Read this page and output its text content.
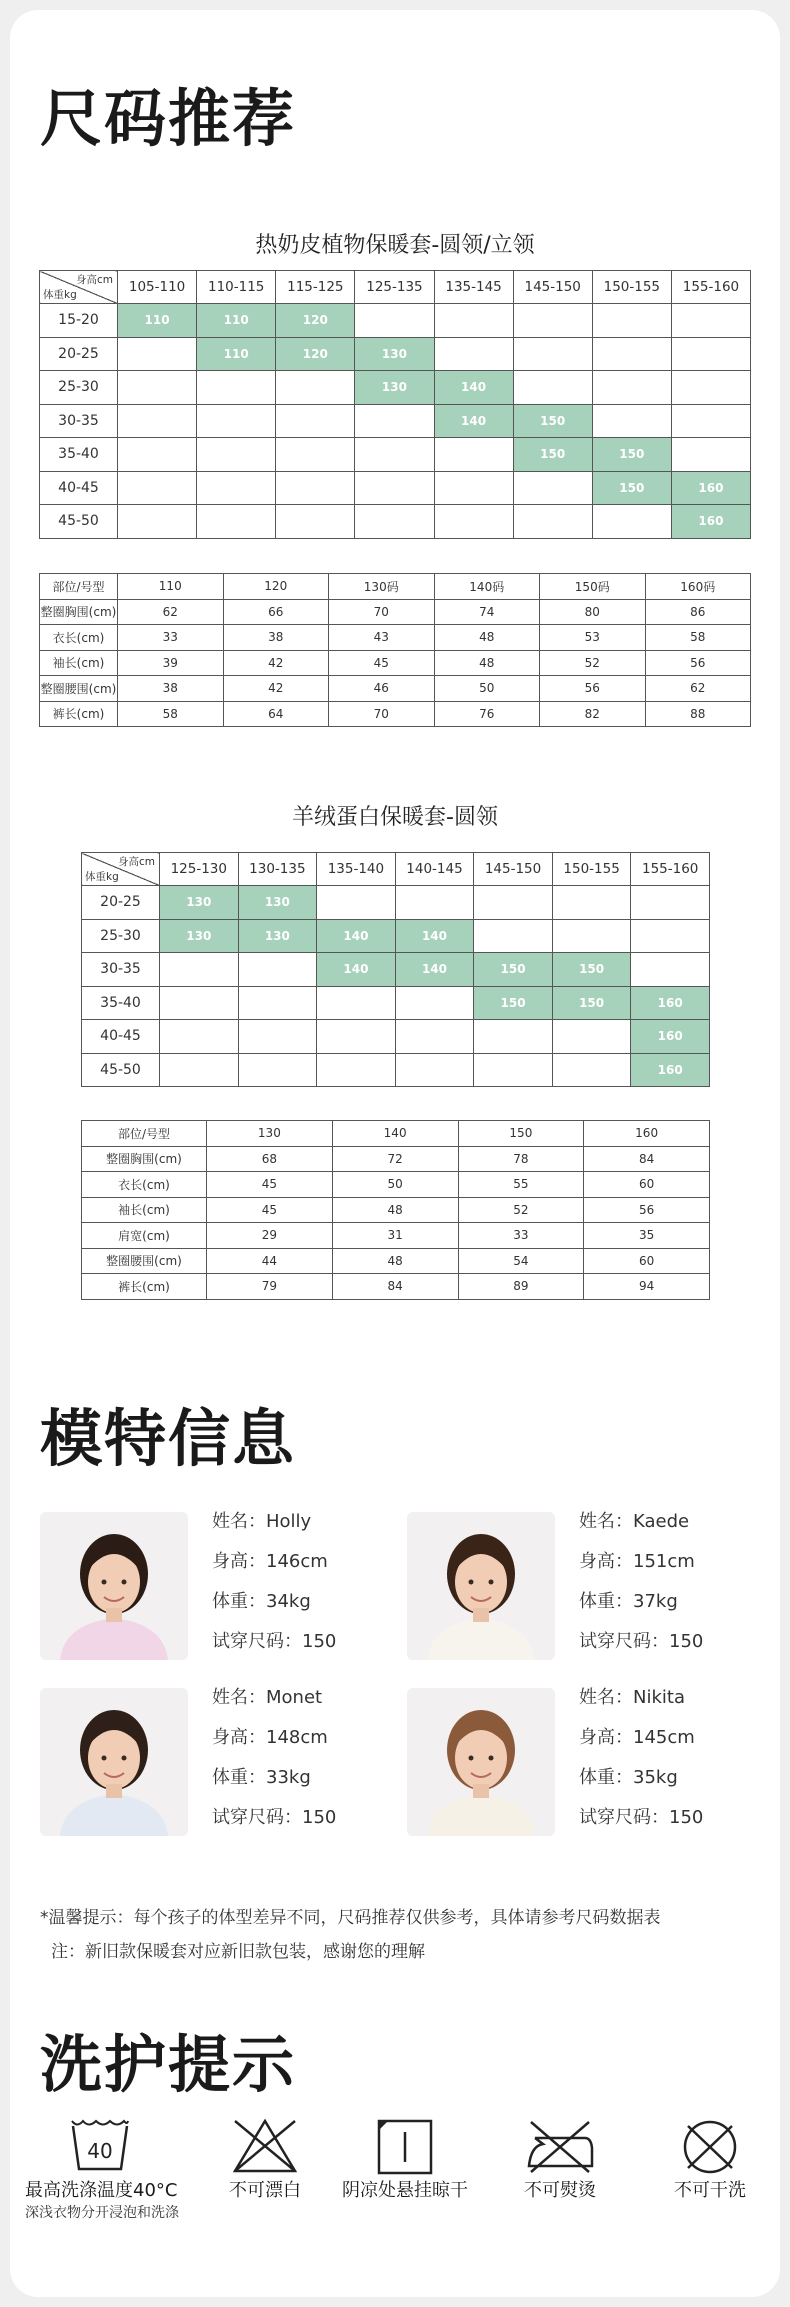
尺码推荐
热奶皮植物保暖套-圆领/立领
身高cm
体重kg	105-110	110-115	115-125	125-135	135-145	145-150	150-155	155-160
15-20	110	110	120					
20-25		110	120	130				
25-30				130	140			
30-35					140	150		
35-40						150	150	
40-45							150	160
45-50								160
部位/号型	110	120	130码	140码	150码	160码
整圈胸围(cm)	62	66	70	74	80	86
衣长(cm)	33	38	43	48	53	58
袖长(cm)	39	42	45	48	52	56
整圈腰围(cm)	38	42	46	50	56	62
裤长(cm)	58	64	70	76	82	88
羊绒蛋白保暖套-圆领
身高cm
体重kg	125-130	130-135	135-140	140-145	145-150	150-155	155-160
20-25	130	130					
25-30	130	130	140	140			
30-35			140	140	150	150	
35-40					150	150	160
40-45							160
45-50							160
部位/号型	130	140	150	160
整圈胸围(cm)	68	72	78	84
衣长(cm)	45	50	55	60
袖长(cm)	45	48	52	56
肩宽(cm)	29	31	33	35
整圈腰围(cm)	44	48	54	60
裤长(cm)	79	84	89	94
模特信息
*温馨提示：每个孩子的体型差异不同，尺码推荐仅供参考，具体请参考尺码数据表
注：新旧款保暖套对应新旧款包装，感谢您的理解
洗护提示
40
最高洗涤温度40°C
深浅衣物分开浸泡和洗涤
不可漂白	阴凉处悬挂晾干	不可熨烫	不可干洗
姓名：Holly
身高：146cm
体重：34kg
试穿尺码：150
姓名：Kaede
身高：151cm
体重：37kg
试穿尺码：150
姓名：Monet
身高：148cm
体重：33kg
试穿尺码：150
姓名：Nikita
身高：145cm
体重：35kg
试穿尺码：150
